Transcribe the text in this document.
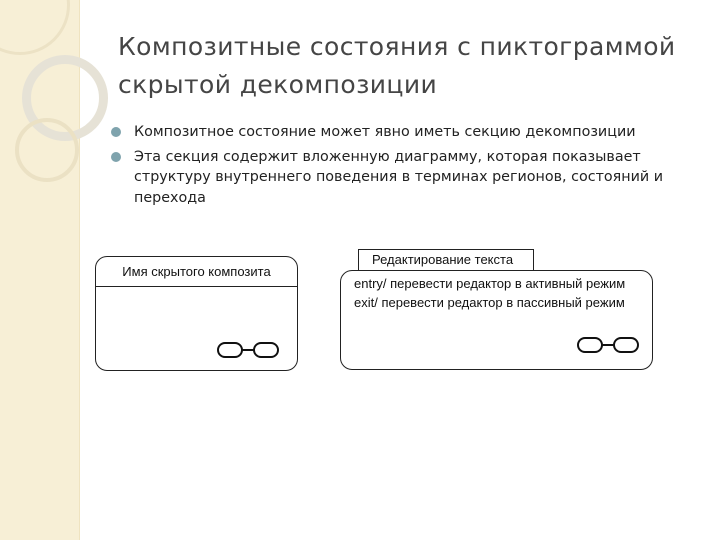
Композитные состояния с пиктограммой скрытой декомпозиции
Композитное состояние может явно иметь секцию декомпозиции
Эта секция содержит вложенную диаграмму, которая показывает структуру внутреннего поведения в терминах регионов, состояний и перехода
Имя скрытого композита
Редактирование текста
entry/ перевести редактор в активный режим
exit/ перевести редактор в пассивный режим
